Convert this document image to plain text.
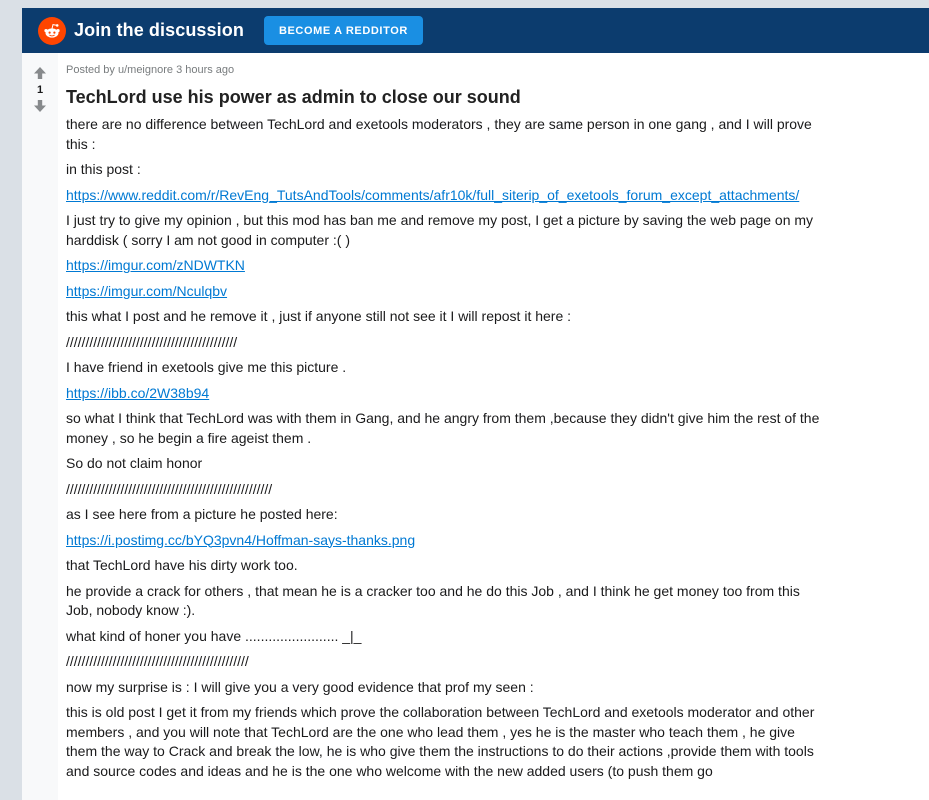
Join the discussion	BECOME A REDDITOR
1
Posted by u/meignore 3 hours ago
TechLord use his power as admin to close our sound

there are no difference between TechLord and exetools moderators , they are same person in one gang , and I will prove this :

in this post :

https://www.reddit.com/r/RevEng_TutsAndTools/comments/afr10k/full_siterip_of_exetools_forum_except_attachments/

I just try to give my opinion , but this mod has ban me and remove my post, I get a picture by saving the web page on my harddisk ( sorry I am not good in computer :( )

https://imgur.com/zNDWTKN

https://imgur.com/Nculqbv

this what I post and he remove it , just if anyone still not see it I will repost it here :

////////////////////////////////////////////

I have friend in exetools give me this picture .

https://ibb.co/2W38b94

so what I think that TechLord was with them in Gang, and he angry from them ,because they didn't give him the rest of the money , so he begin a fire ageist them .

So do not claim honor

/////////////////////////////////////////////////////

as I see here from a picture he posted here:

https://i.postimg.cc/bYQ3pvn4/Hoffman-says-thanks.png

that TechLord have his dirty work too.

he provide a crack for others , that mean he is a cracker too and he do this Job , and I think he get money too from this Job, nobody know :).

what kind of honer you have ........................ _|_

///////////////////////////////////////////////

now my surprise is : I will give you a very good evidence that prof my seen :

this is old post I get it from my friends which prove the collaboration between TechLord and exetools moderator and other members , and you will note that TechLord are the one who lead them , yes he is the master who teach them , he give them the way to Crack and break the low, he is who give them the instructions to do their actions ,provide them with tools and source codes and ideas and he is the one who welcome with the new added users (to push them go
